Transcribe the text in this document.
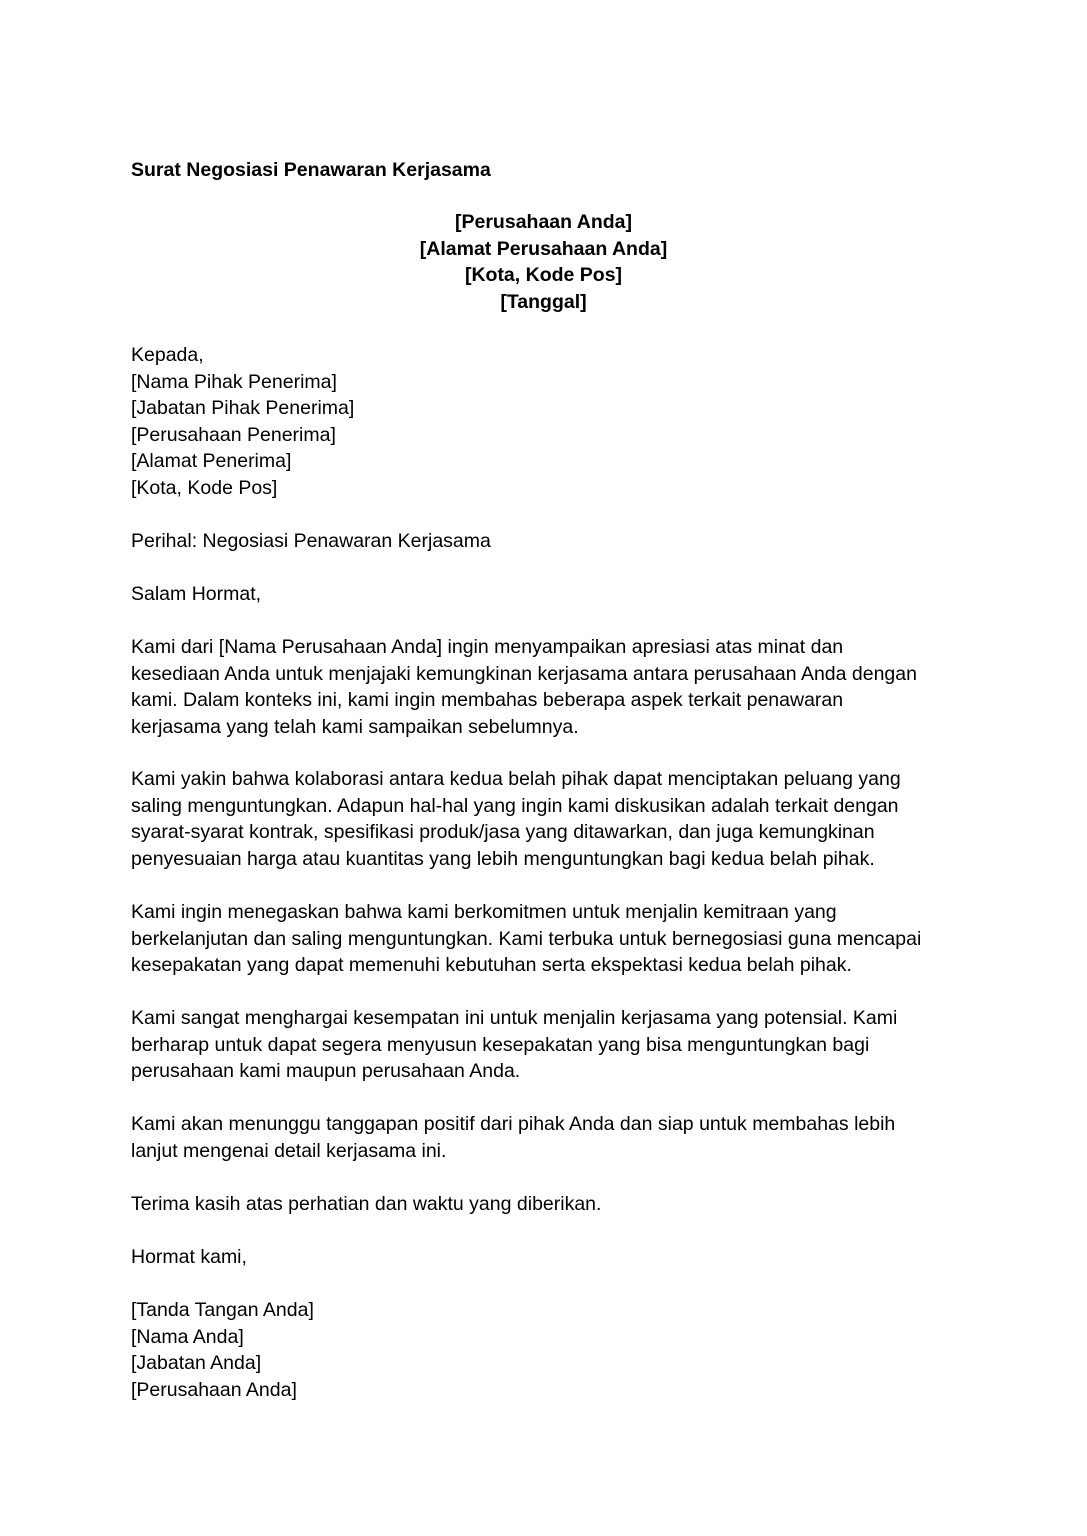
Surat Negosiasi Penawaran Kerjasama
[Perusahaan Anda]
[Alamat Perusahaan Anda]
[Kota, Kode Pos]
[Tanggal]
Kepada,
[Nama Pihak Penerima]
[Jabatan Pihak Penerima]
[Perusahaan Penerima]
[Alamat Penerima]
[Kota, Kode Pos]
Perihal: Negosiasi Penawaran Kerjasama
Salam Hormat,
Kami dari [Nama Perusahaan Anda] ingin menyampaikan apresiasi atas minat dan
kesediaan Anda untuk menjajaki kemungkinan kerjasama antara perusahaan Anda dengan
kami. Dalam konteks ini, kami ingin membahas beberapa aspek terkait penawaran
kerjasama yang telah kami sampaikan sebelumnya.
Kami yakin bahwa kolaborasi antara kedua belah pihak dapat menciptakan peluang yang
saling menguntungkan. Adapun hal-hal yang ingin kami diskusikan adalah terkait dengan
syarat-syarat kontrak, spesifikasi produk/jasa yang ditawarkan, dan juga kemungkinan
penyesuaian harga atau kuantitas yang lebih menguntungkan bagi kedua belah pihak.
Kami ingin menegaskan bahwa kami berkomitmen untuk menjalin kemitraan yang
berkelanjutan dan saling menguntungkan. Kami terbuka untuk bernegosiasi guna mencapai
kesepakatan yang dapat memenuhi kebutuhan serta ekspektasi kedua belah pihak.
Kami sangat menghargai kesempatan ini untuk menjalin kerjasama yang potensial. Kami
berharap untuk dapat segera menyusun kesepakatan yang bisa menguntungkan bagi
perusahaan kami maupun perusahaan Anda.
Kami akan menunggu tanggapan positif dari pihak Anda dan siap untuk membahas lebih
lanjut mengenai detail kerjasama ini.
Terima kasih atas perhatian dan waktu yang diberikan.
Hormat kami,
[Tanda Tangan Anda]
[Nama Anda]
[Jabatan Anda]
[Perusahaan Anda]
